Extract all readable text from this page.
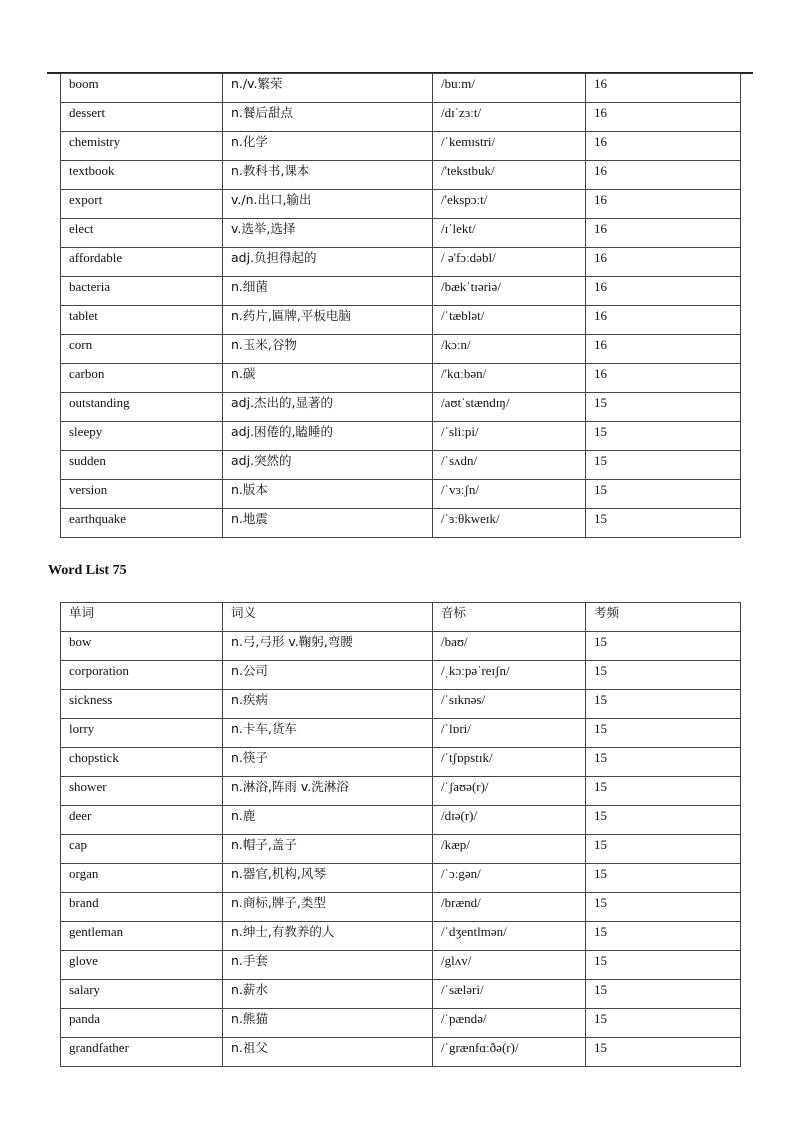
boom	n./v.繁荣	/buːm/	16
dessert	n.餐后甜点	/dɪˈzɜːt/	16
chemistry	n.化学	/ˈkemɪstri/	16
textbook	n.教科书,课本	/'tekstbuk/	16
export	v./n.出口,输出	/'ekspɔːt/	16
elect	v.选举,选择	/ɪˈlekt/	16
affordable	adj.负担得起的	/ ə'fɔːdəbl/	16
bacteria	n.细菌	/bækˈtɪəriə/	16
tablet	n.药片,匾牌,平板电脑	/ˈtæblət/	16
corn	n.玉米,谷物	/kɔːn/	16
carbon	n.碳	/'kɑːbən/	16
outstanding	adj.杰出的,显著的	/aʊtˈstændɪŋ/	15
sleepy	adj.困倦的,瞌睡的	/ˈsliːpi/	15
sudden	adj.突然的	/ˈsʌdn/	15
version	n.版本	/ˈvɜːʃn/	15
earthquake	n.地震	/ˈɜːθkweɪk/	15
Word List 75
单词	词义	音标	考频
bow	n.弓,弓形 v.鞠躬,弯腰	/baʊ/	15
corporation	n.公司	/ˌkɔːpəˈreɪʃn/	15
sickness	n.疾病	/ˈsɪknəs/	15
lorry	n.卡车,货车	/ˈlɒri/	15
chopstick	n.筷子	/ˈtʃɒpstɪk/	15
shower	n.淋浴,阵雨 v.洗淋浴	/ˈʃaʊə(r)/	15
deer	n.鹿	/dɪə(r)/	15
cap	n.帽子,盖子	/kæp/	15
organ	n.器官,机构,风琴	/ˈɔːgən/	15
brand	n.商标,牌子,类型	/brænd/	15
gentleman	n.绅士,有教养的人	/ˈdʒentlmən/	15
glove	n.手套	/glʌv/	15
salary	n.薪水	/ˈsæləri/	15
panda	n.熊猫	/ˈpændə/	15
grandfather	n.祖父	/ˈgrænfɑːðə(r)/	15
